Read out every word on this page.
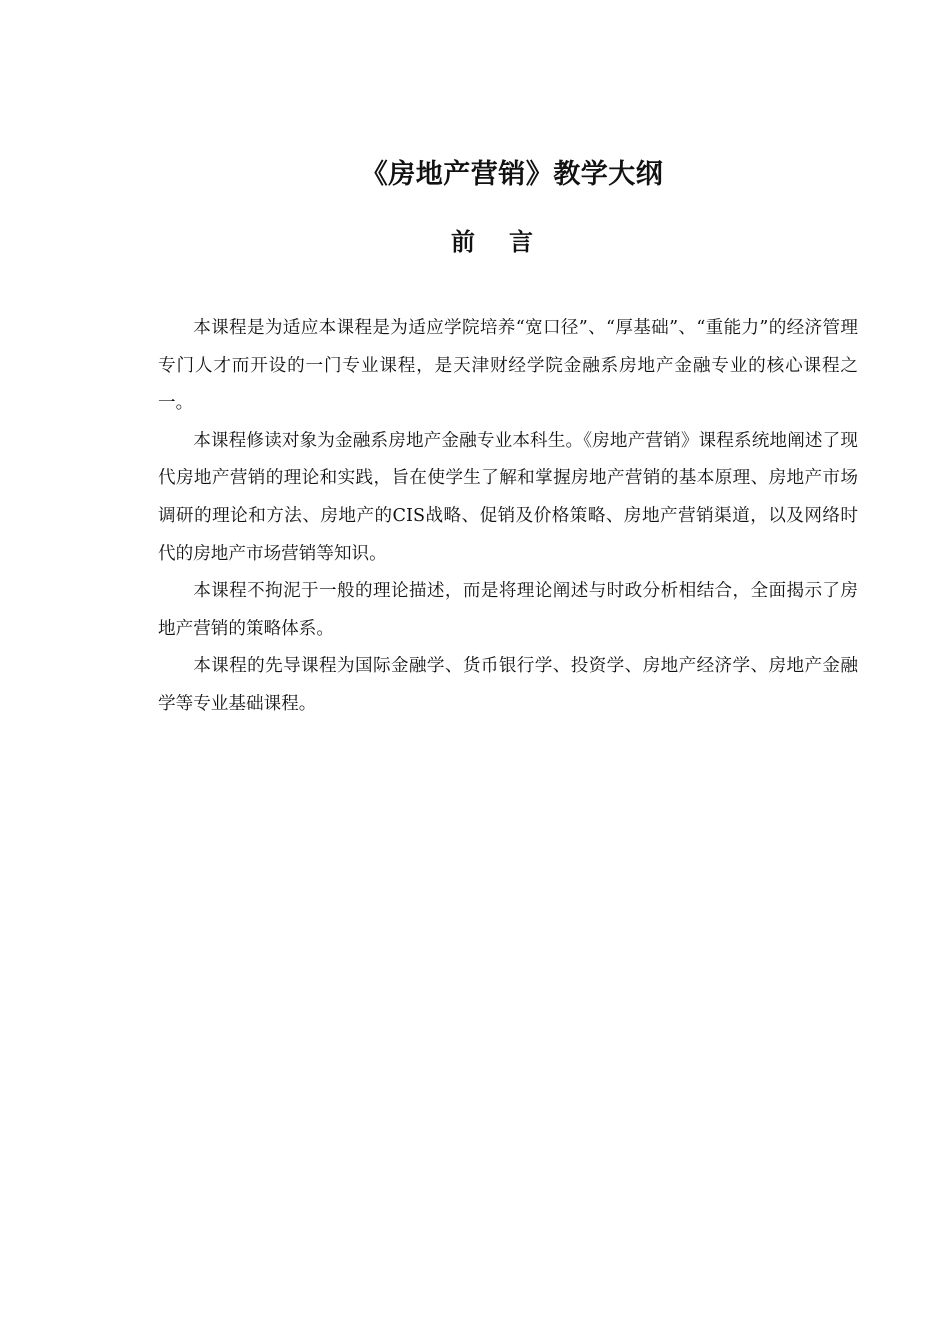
《房地产营销》教学大纲
前言

本课程是为适应本课程是为适应学院培养“宽口径”、“厚基础”、“重能力”的经济管理专门人才而开设的一门专业课程，是天津财经学院金融系房地产金融专业的核心课程之一。

本课程修读对象为金融系房地产金融专业本科生。《房地产营销》课程系统地阐述了现代房地产营销的理论和实践，旨在使学生了解和掌握房地产营销的基本原理、房地产市场调研的理论和方法、房地产的CIS战略、促销及价格策略、房地产营销渠道，以及网络时代的房地产市场营销等知识。

本课程不拘泥于一般的理论描述，而是将理论阐述与时政分析相结合，全面揭示了房地产营销的策略体系。

本课程的先导课程为国际金融学、货币银行学、投资学、房地产经济学、房地产金融学等专业基础课程。
